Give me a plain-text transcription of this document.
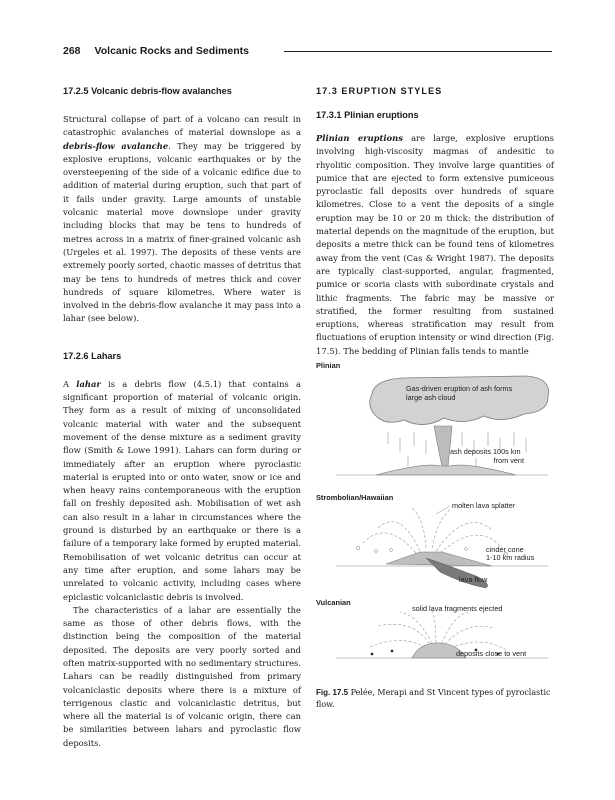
268 Volcanic Rocks and Sediments
17.2.5 Volcanic debris-flow avalanches

Structural collapse of part of a volcano can result in catastrophic avalanches of material downslope as a debris-flow avalanche. They may be triggered by explosive eruptions, volcanic earthquakes or by the oversteepening of the side of a volcanic edifice due to addition of material during eruption, such that part of it fails under gravity. Large amounts of unstable volcanic material move downslope under gravity including blocks that may be tens to hundreds of metres across in a matrix of finer-grained volcanic ash (Urgeles et al. 1997). The deposits of these vents are extremely poorly sorted, chaotic masses of detritus that may be tens to hundreds of metres thick and cover hundreds of square kilometres. Where water is involved in the debris-flow avalanche it may pass into a lahar (see below).

17.2.6 Lahars

A lahar is a debris flow (4.5.1) that contains a significant proportion of material of volcanic origin. They form as a result of mixing of unconsolidated volcanic material with water and the subsequent movement of the dense mixture as a sediment gravity flow (Smith & Lowe 1991). Lahars can form during or immediately after an eruption where pyroclastic material is erupted into or onto water, snow or ice and when heavy rains contemporaneous with the eruption fall on freshly deposited ash. Mobilisation of wet ash can also result in a lahar in circumstances where the ground is disturbed by an earthquake or there is a failure of a temporary lake formed by erupted material. Remobilisation of wet volcanic detritus can occur at any time after eruption, and some lahars may be unrelated to volcanic activity, including cases where epiclastic volcaniclastic debris is involved.

The characteristics of a lahar are essentially the same as those of other debris flows, with the distinction being the composition of the material deposited. The deposits are very poorly sorted and often matrix-supported with no sedimentary structures. Lahars can be readily distinguished from primary volcaniclastic deposits where there is a mixture of terrigenous clastic and volcaniclastic detritus, but where all the material is of volcanic origin, there can be similarities between lahars and pyroclastic flow deposits.

17.3 ERUPTION STYLES
17.3.1 Plinian eruptions

Plinian eruptions are large, explosive eruptions involving high-viscosity magmas of andesitic to rhyolitic composition. They involve large quantities of pumice that are ejected to form extensive pumiceous pyroclastic fall deposits over hundreds of square kilometres. Close to a vent the deposits of a single eruption may be 10 or 20 m thick: the distribution of material depends on the magnitude of the eruption, but deposits a metre thick can be found tens of kilometres away from the vent (Cas & Wright 1987). The deposits are typically clast-supported, angular, fragmented, pumice or scoria clasts with subordinate crystals and lithic fragments. The fabric may be massive or stratified, the former resulting from sustained eruptions, whereas stratification may result from fluctuations of eruption intensity or wind direction (Fig. 17.5). The bedding of Plinian falls tends to mantle

Plinian
Gas-driven eruption of ash forms
large ash cloud
ash deposits 100s km
from vent
Strombolian/Hawaiian
molten lava splatter
cinder cone
1-10 km radius
lava flow
Vulcanian
solid lava fragments ejected
deposits close to vent
Fig. 17.5 Pelée, Merapi and St Vincent types of pyroclastic flow.
